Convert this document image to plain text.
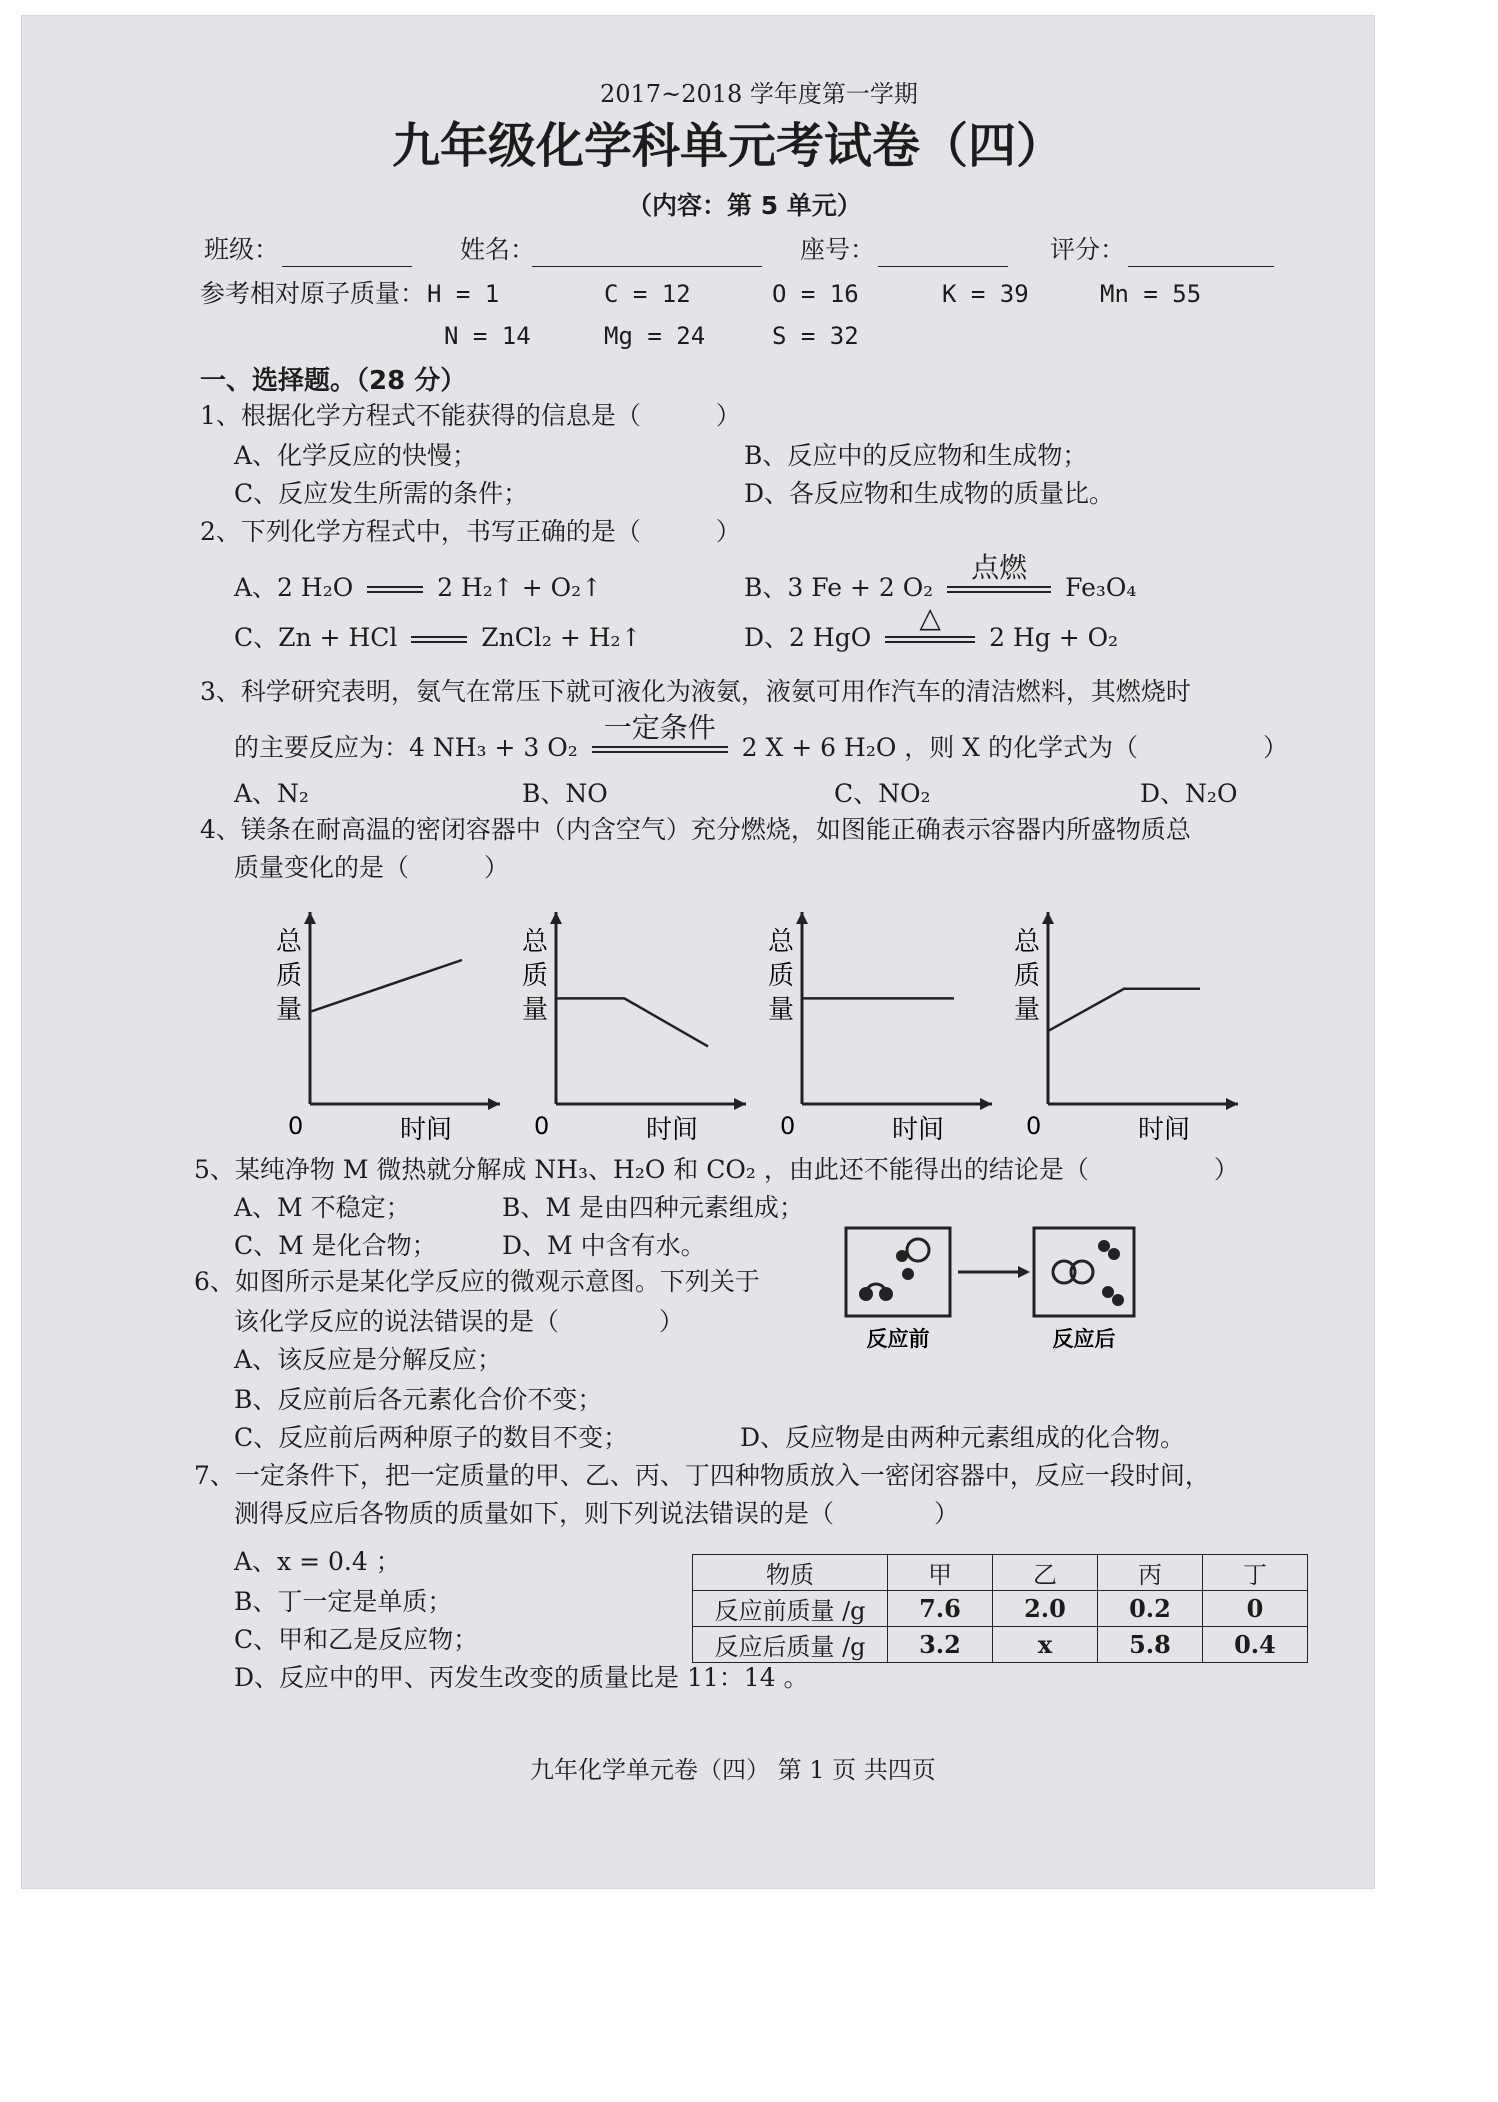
2017~2018 学年度第一学期
九年级化学科单元考试卷（四）
（内容：第 5 单元）
班级：	姓名：	座号：	评分：
参考相对原子质量： H = 1	C = 12	O = 16	K = 39	Mn = 55
N = 14	Mg = 24	S = 32
一、选择题。（28 分）
1、根据化学方程式不能获得的信息是（　　　）
A、化学反应的快慢；	B、反应中的反应物和生成物；
C、反应发生所需的条件；	D、各反应物和生成物的质量比。
2、下列化学方程式中，书写正确的是（　　　）
A、2 H₂O	2 H₂↑ + O₂↑	B、3 Fe + 2 O₂
点燃
Fe₃O₄
C、Zn + HCl	ZnCl₂ + H₂↑	D、2 HgO
△
2 Hg + O₂
3、科学研究表明，氨气在常压下就可液化为液氨，液氨可用作汽车的清洁燃料，其燃烧时
的主要反应为：4 NH₃ + 3 O₂
一定条件
2 X + 6 H₂O ，则 X 的化学式为（　　　　　）
A、N₂	B、NO	C、NO₂	D、N₂O
4、镁条在耐高温的密闭容器中（内含空气）充分燃烧，如图能正确表示容器内所盛物质总
质量变化的是（　　　）
总
质
量
0	时间
总
质
量
0	时间
总
质
量
0	时间
总
质
量
0	时间
5、某纯净物 M 微热就分解成 NH₃、H₂O 和 CO₂ ，由此还不能得出的结论是（　　　　　）
A、M 不稳定；	B、M 是由四种元素组成；
C、M 是化合物；	D、M 中含有水。
6、如图所示是某化学反应的微观示意图。下列关于
该化学反应的说法错误的是（　　　　）
A、该反应是分解反应；
B、反应前后各元素化合价不变；
C、反应前后两种原子的数目不变；	D、反应物是由两种元素组成的化合物。
反应前	反应后
7、一定条件下，把一定质量的甲、乙、丙、丁四种物质放入一密闭容器中，反应一段时间，
测得反应后各物质的质量如下，则下列说法错误的是（　　　　）
A、x = 0.4 ；
B、丁一定是单质；
C、甲和乙是反应物；
D、反应中的甲、丙发生改变的质量比是 11：14 。
物质	甲	乙	丙	丁
反应前质量 /g	7.6	2.0	0.2	0
反应后质量 /g	3.2	x	5.8	0.4
九年化学单元卷（四） 第 1 页 共四页
